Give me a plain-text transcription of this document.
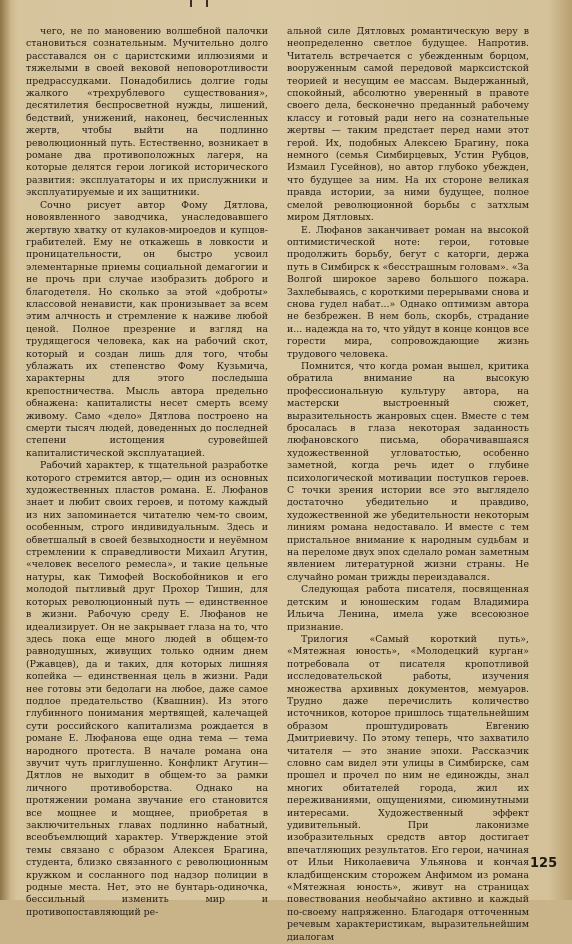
чего, не по мановению волшебной палочки становиться сознательным. Мучительно долго расставался он с царистскими иллюзиями и тяжелыми в своей вековой неповоротливости предрассудками. Понадобились долгие годы жалкого «трехрублевого существования», десятилетия беспросветной нужды, лишений, бедствий, унижений, наконец, бесчисленных жертв, чтобы выйти на подлинно революционный путь. Естественно, возникает в романе два противоположных лагеря, на которые делятся герои логикой исторического развития: эксплуататоры и их прислужники и эксплуатируемые и их защитники.

Сочно рисует автор Фому Дятлова, новоявленного заводчика, унаследовавшего жертвую хватку от кулаков-мироедов и купцов-грабителей. Ему не откажешь в ловкости и проницательности, он быстро усвоил элементарные приемы социальной демагогии и не прочь при случае изобразить доброго и благодетеля. Но сколько за этой «доброты» классовой ненависти, как пронизывает за всем этим алчность и стремление к наживе любой ценой. Полное презрение и взгляд на трудящегося человека, как на рабочий скот, который и создан лишь для того, чтобы ублажать их степенство Фому Кузьмича, характерны для этого последыша крепостничества. Мысль автора предельно обнажена: капиталисты несет смерть всему живому. Само «дело» Дятлова построено на смерти тысяч людей, доведенных до последней степени истощения суровейшей капиталистической эксплуатацией.

Рабочий характер, к тщательной разработке которого стремится автор,— один из основных художественных пластов романа. Е. Люфанов знает и любит своих героев, и потому каждый из них запоминается читателю чем-то своим, особенным, строго индивидуальным. Здесь и обветшалый в своей безвыходности и неуёмном стремлении к справедливости Михаил Агутин, «человек веселого ремесла», и такие цельные натуры, как Тимофей Воскобойников и его молодой пытливый друг Прохор Тишин, для которых революционный путь — единственное в жизни. Рабочую среду Е. Люфанов не идеализирует. Он не закрывает глаза на то, что здесь пока еще много людей в общем-то равнодушных, живущих только одним днем (Ржавцев), да и таких, для которых лишняя копейка — единственная цель в жизни. Ради нее готовы эти бедолаги на любое, даже самое подлое предательство (Квашнин). Из этого глубинного понимания мертвящей, калечащей сути российского капитализма рождается в романе Е. Люфанова еще одна тема — тема народного протеста. В начале романа она звучит чуть приглушенно. Конфликт Агутин—Дятлов не выходит в общем-то за рамки личного противоборства. Однако на протяжении романа звучание его становится все мощнее и мощнее, приобретая в заключительных главах подлинно набатный, всеобъемлющий характер. Утверждение этой темы связано с образом Алексея Брагина, студента, близко связанного с революционным кружком и сосланного под надзор полиции в родные места. Нет, это не бунтарь-одиночка, бессильный изменить мир и противопоставляющий ре-

альной силе Дятловых романтическую веру в неопределенно светлое будущее. Напротив. Читатель встречается с убежденным борцом, вооруженным самой передовой марксистской теорией и несущим ее массам. Выдержанный, спокойный, абсолютно уверенный в правоте своего дела, бесконечно преданный рабочему классу и готовый ради него на сознательные жертвы — таким предстает перед нами этот герой. Их, подобных Алексею Брагину, пока немного (семья Симбирцевых, Устин Рубцов, Измаил Гусейнов), но автор глубоко убежден, что будущее за ним. На их стороне великая правда истории, за ними будущее, полное смелой революционной борьбы с затхлым миром Дятловых.

Е. Люфанов заканчивает роман на высокой оптимистической ноте: герои, готовые продолжить борьбу, бегут с каторги, держа путь в Симбирск к «бесстрашным головам». «За Волгой широкое зарево большого пожара. Захлебываясь, с короткими перерывами снова и снова гудел набат...» Однако оптимизм автора не безбрежен. В нем боль, скорбь, страдание и... надежда на то, что уйдут в конце концов все горести мира, сопровождающие жизнь трудового человека.

Помнится, что когда роман вышел, критика обратила внимание на высокую профессиональную культуру автора, на мастерски выстроенный сюжет, выразительность жанровых сцен. Вместе с тем бросалась в глаза некоторая заданность люфановского письма, оборачивавшаяся художественной угловатостью, особенно заметной, когда речь идет о глубине психологической мотивации поступков героев. С точки зрения истории все это выглядело достаточно убедительно и правдиво, художественной же убедительности некоторым линиям романа недоставало. И вместе с тем пристальное внимание к народным судьбам и на переломе двух эпох сделало роман заметным явлением литературной жизни страны. Не случайно роман трижды переиздавался.

Следующая работа писателя, посвященная детским и юношеским годам Владимира Ильича Ленина, имела уже всесоюзное признание.

Трилогия «Самый короткий путь», «Мятежная юность», «Молодецкий курган» потребовала от писателя кропотливой исследовательской работы, изучения множества архивных документов, мемуаров. Трудно даже перечислить количество источников, которое пришлось тщательнейшим образом проштудировать Евгению Дмитриевичу. По этому теперь, что захватило читателя — это знание эпохи. Рассказчик словно сам видел эти улицы в Симбирске, сам прошел и прочел по ним не единожды, знал многих обитателей города, жил их переживаниями, ощущениями, сиюминутными интересами. Художественный эффект удивительный. При лаконизме изобразительных средств автор достигает впечатляющих результатов. Его герои, начиная от Ильи Николаевича Ульянова и кончая кладбищенским сторожем Анфимом из романа «Мятежная юность», живут на страницах повествования необычайно активно и каждый по-своему напряженно. Благодаря отточенным речевым характеристикам, выразительнейшим диалогам

125
